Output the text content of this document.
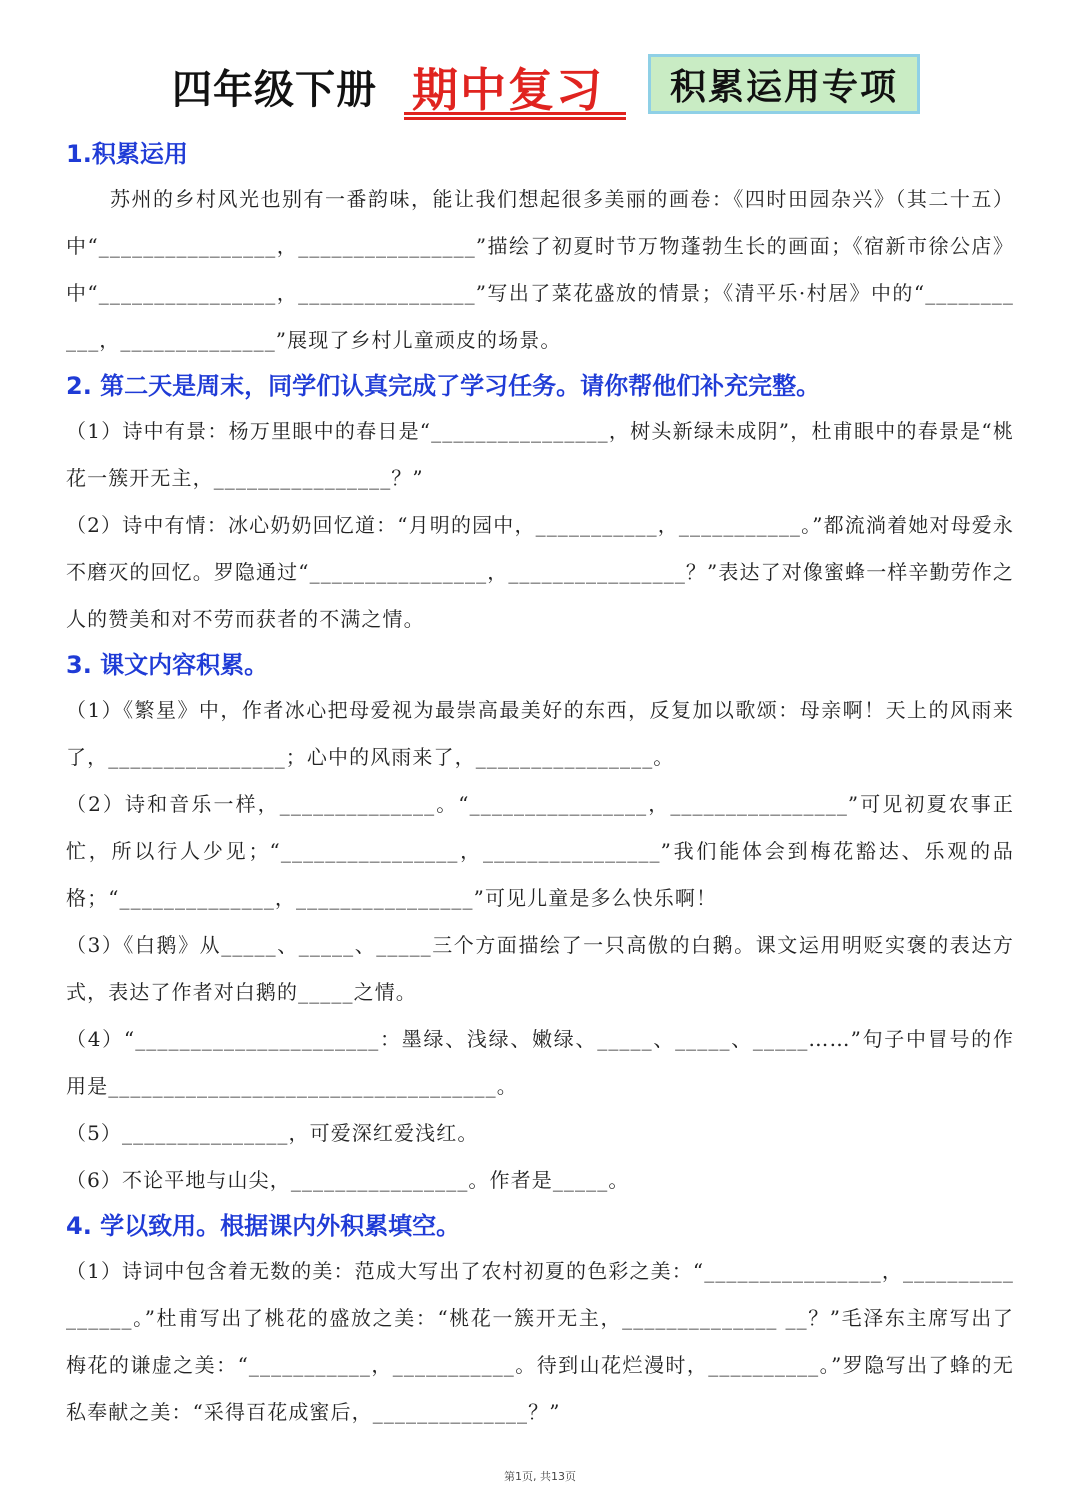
四年级下册 期中复习	积累运用专项
1.积累运用

苏州的乡村风光也别有一番韵味，能让我们想起很多美丽的画卷：《四时田园杂兴》（其二十五）中“________________，________________”描绘了初夏时节万物蓬勃生长的画面；《宿新市徐公店》中“________________，________________”写出了菜花盛放的情景；《清平乐·村居》中的“___________，______________”展现了乡村儿童顽皮的场景。

2. 第二天是周末，同学们认真完成了学习任务。请你帮他们补充完整。

（1）诗中有景：杨万里眼中的春日是“________________，树头新绿未成阴”，杜甫眼中的春景是“桃花一簇开无主，________________？”

（2）诗中有情：冰心奶奶回忆道：“月明的园中，___________，___________。”都流淌着她对母爱永不磨灭的回忆。罗隐通过“________________，________________？”表达了对像蜜蜂一样辛勤劳作之人的赞美和对不劳而获者的不满之情。

3. 课文内容积累。

（1）《繁星》中，作者冰心把母爱视为最崇高最美好的东西，反复加以歌颂：母亲啊！天上的风雨来了，________________；心中的风雨来了，________________。

（2）诗和音乐一样，______________。“________________，________________”可见初夏农事正忙，所以行人少见；“________________，________________”我们能体会到梅花豁达、乐观的品格；“______________，________________”可见儿童是多么快乐啊！

（3）《白鹅》从_____、_____、_____三个方面描绘了一只高傲的白鹅。课文运用明贬实褒的表达方式，表达了作者对白鹅的_____之情。

（4）“______________________：墨绿、浅绿、嫩绿、_____、_____、_____……”句子中冒号的作用是___________________________________。

（5）_______________，可爱深红爱浅红。

（6）不论平地与山尖，________________。作者是_____。

4. 学以致用。根据课内外积累填空。

（1）诗词中包含着无数的美：范成大写出了农村初夏的色彩之美：“________________，________________。”杜甫写出了桃花的盛放之美：“桃花一簇开无主，______________ __？”毛泽东主席写出了梅花的谦虚之美：“___________，___________。待到山花烂漫时，__________。”罗隐写出了蜂的无私奉献之美：“采得百花成蜜后，______________？”

第1页, 共13页
